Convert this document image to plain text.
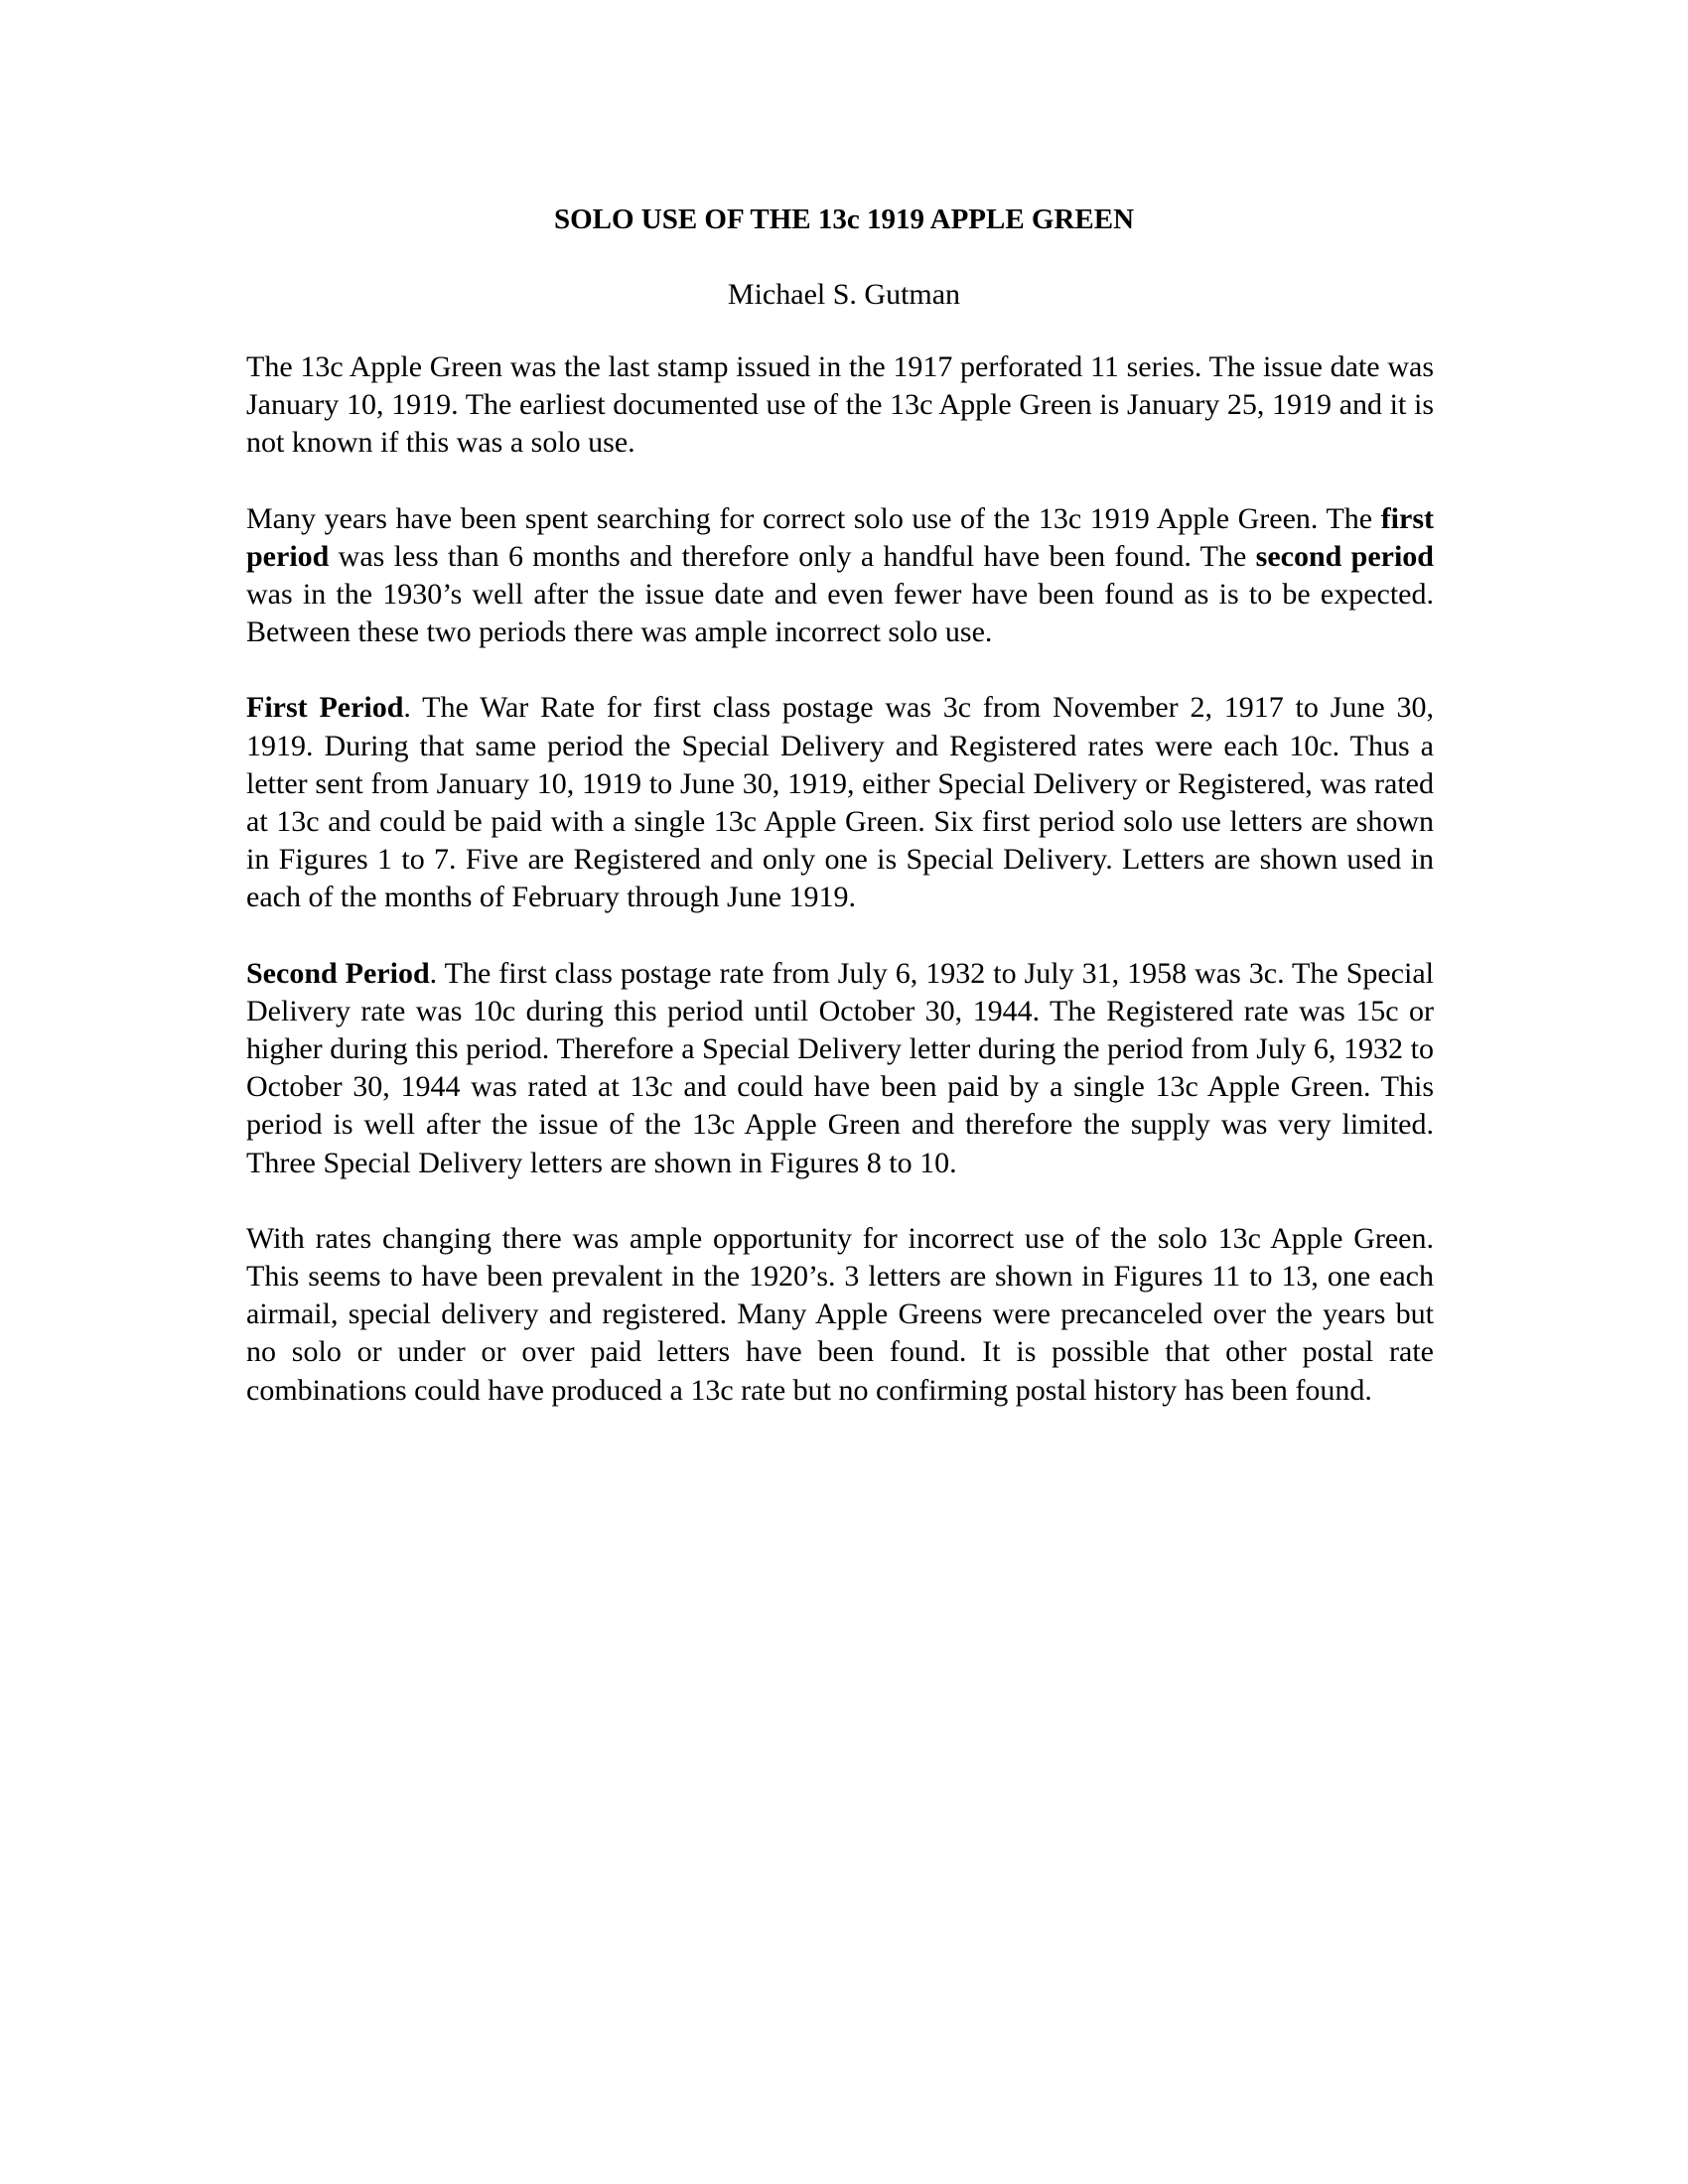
SOLO USE OF THE 13c 1919 APPLE GREEN
Michael S. Gutman

The 13c Apple Green was the last stamp issued in the 1917 perforated 11 series. The issue date was January 10, 1919. The earliest documented use of the 13c Apple Green is January 25, 1919 and it is not known if this was a solo use.

Many years have been spent searching for correct solo use of the 13c 1919 Apple Green. The first period was less than 6 months and therefore only a handful have been found. The second period was in the 1930’s well after the issue date and even fewer have been found as is to be expected. Between these two periods there was ample incorrect solo use.

First Period. The War Rate for first class postage was 3c from November 2, 1917 to June 30, 1919. During that same period the Special Delivery and Registered rates were each 10c. Thus a letter sent from January 10, 1919 to June 30, 1919, either Special Delivery or Registered, was rated at 13c and could be paid with a single 13c Apple Green. Six first period solo use letters are shown in Figures 1 to 7. Five are Registered and only one is Special Delivery. Letters are shown used in each of the months of February through June 1919.

Second Period. The first class postage rate from July 6, 1932 to July 31, 1958 was 3c. The Special Delivery rate was 10c during this period until October 30, 1944. The Registered rate was 15c or higher during this period. Therefore a Special Delivery letter during the period from July 6, 1932 to October 30, 1944 was rated at 13c and could have been paid by a single 13c Apple Green. This period is well after the issue of the 13c Apple Green and therefore the supply was very limited. Three Special Delivery letters are shown in Figures 8 to 10.

With rates changing there was ample opportunity for incorrect use of the solo 13c Apple Green. This seems to have been prevalent in the 1920’s. 3 letters are shown in Figures 11 to 13, one each airmail, special delivery and registered. Many Apple Greens were precanceled over the years but no solo or under or over paid letters have been found. It is possible that other postal rate combinations could have produced a 13c rate but no confirming postal history has been found.
